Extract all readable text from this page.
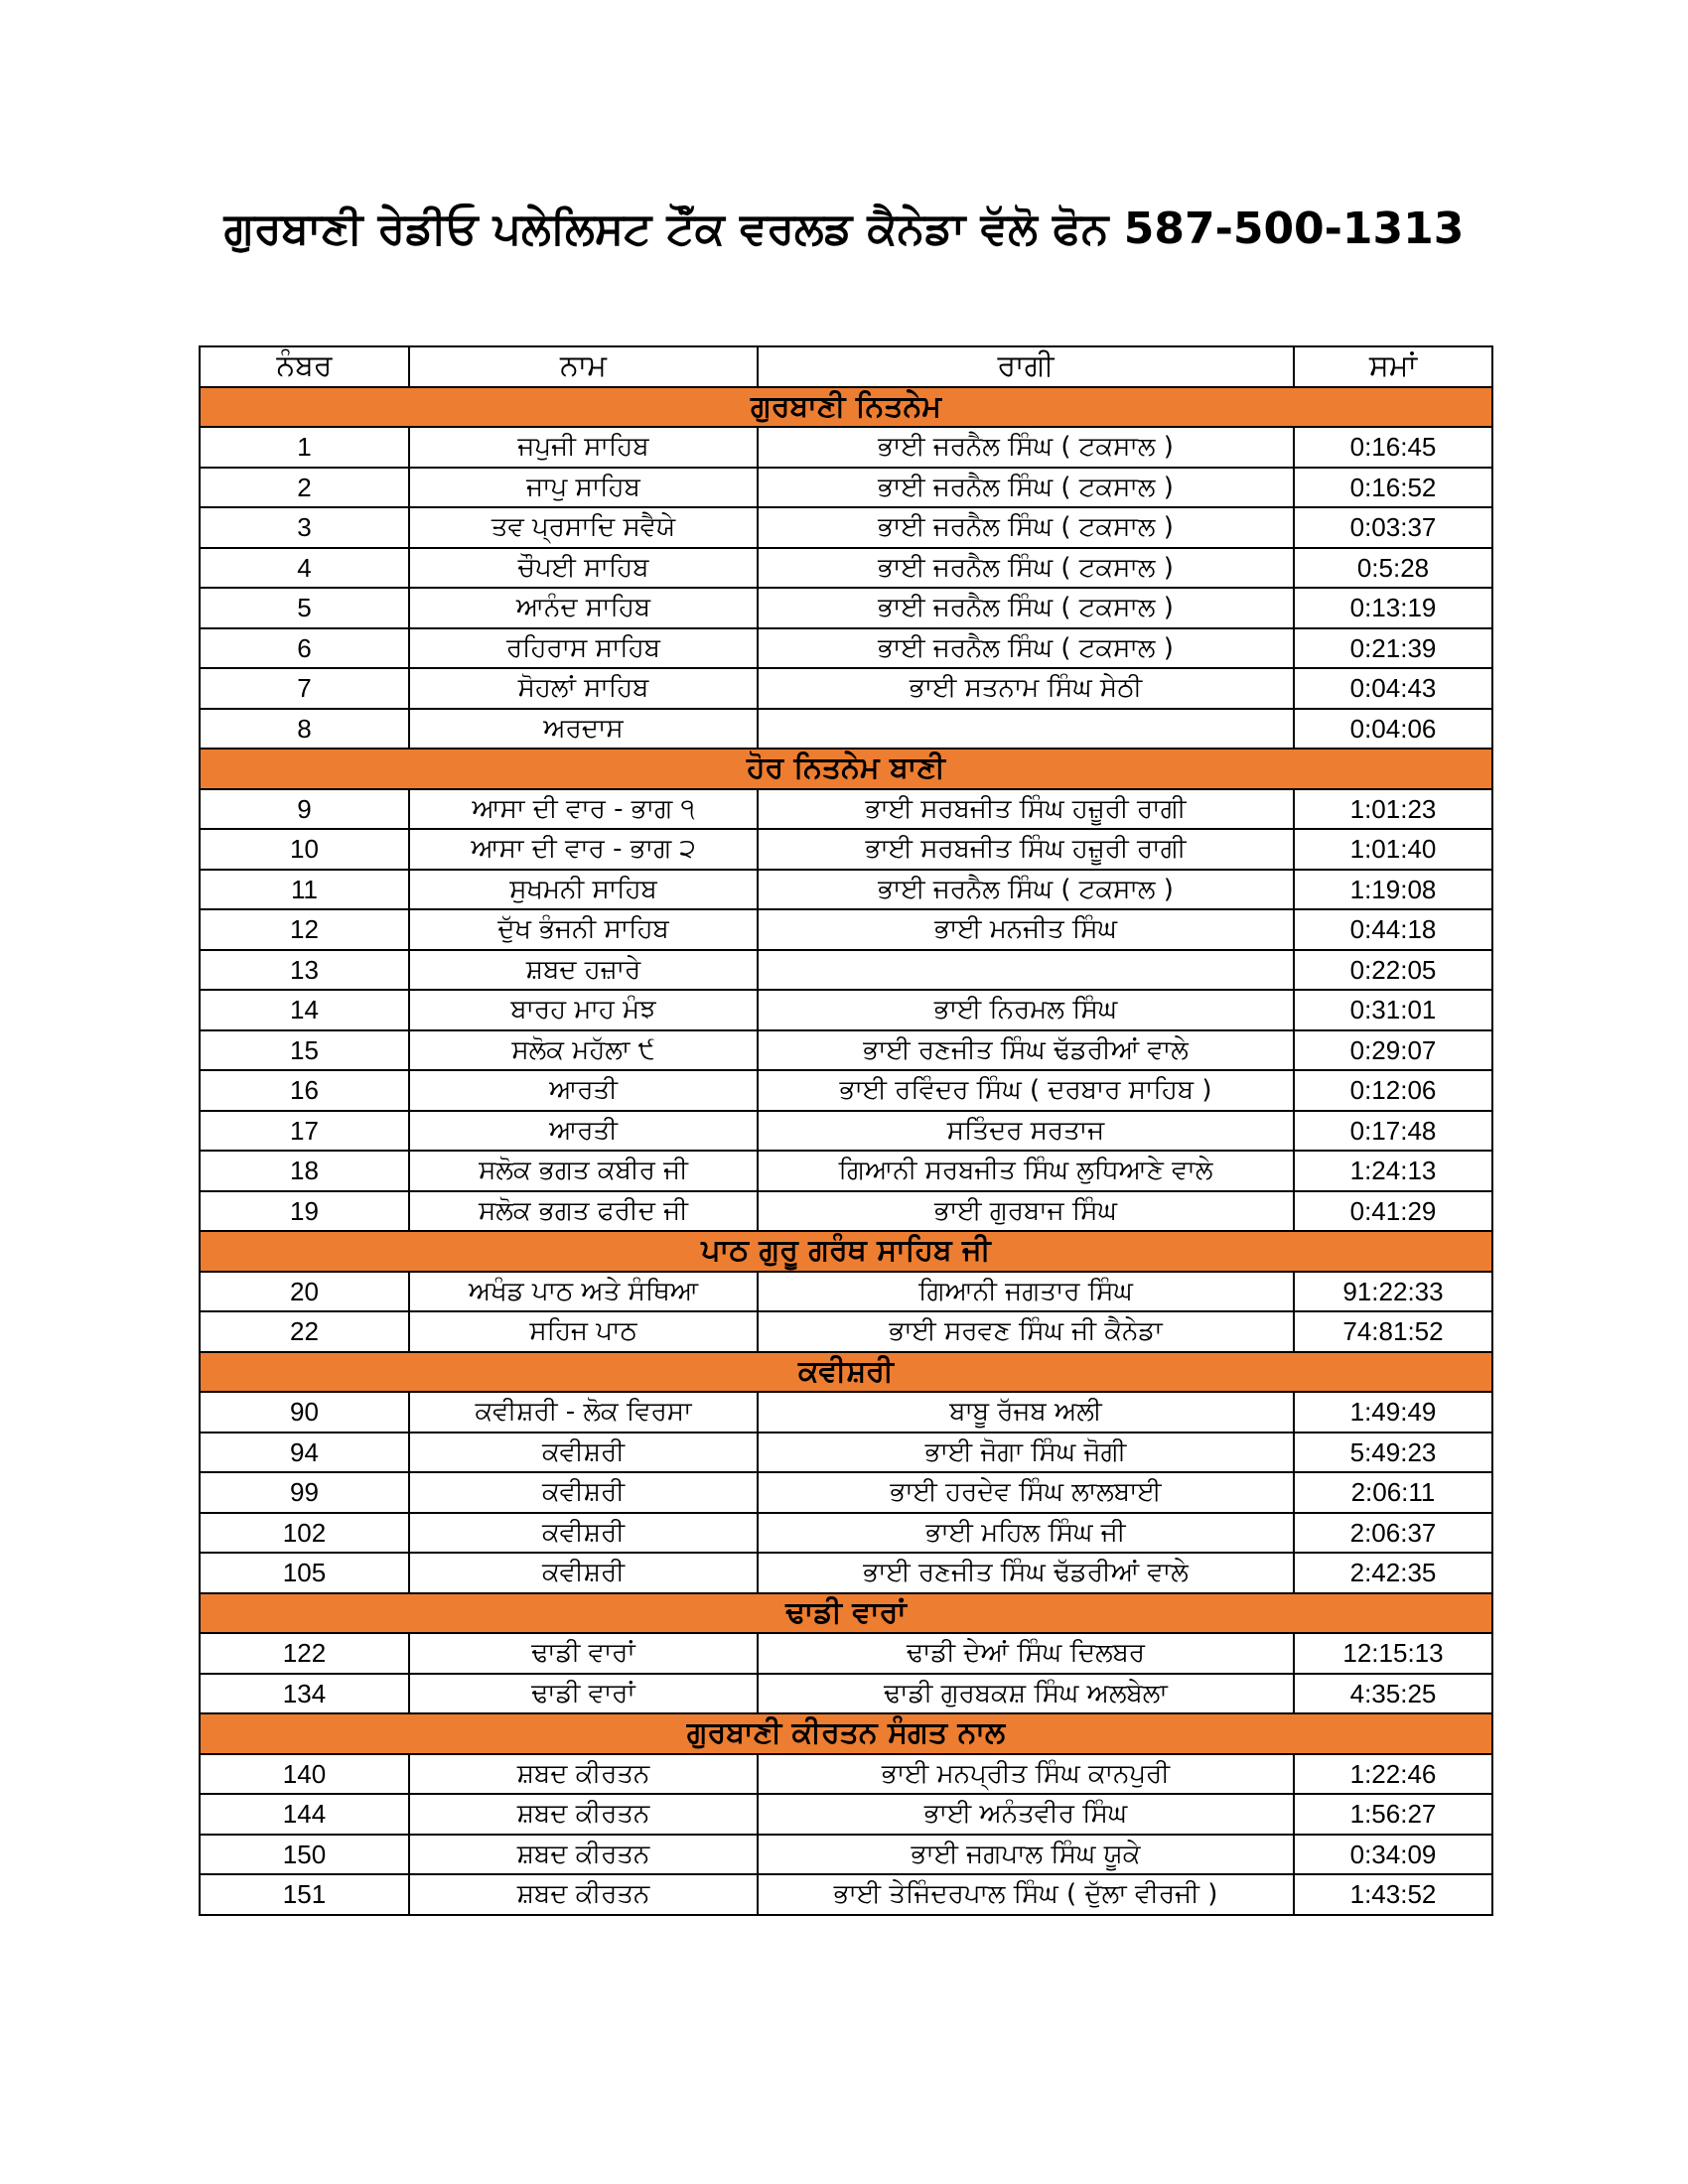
ਗੁਰਬਾਣੀ ਰੇਡੀਓ ਪਲੇਲਿਸਟ ਟੌੱਕ ਵਰਲਡ ਕੈਨੇਡਾ ਵੱਲੋ ਫੋਨ 587-500-1313
ਨੰਬਰ	ਨਾਮ	ਰਾਗੀ	ਸਮਾਂ
ਗੁਰਬਾਣੀ ਨਿਤਨੇਮ			
1	ਜਪੁਜੀ ਸਾਹਿਬ	ਭਾਈ ਜਰਨੈਲ ਸਿੰਘ ( ਟਕਸਾਲ )	0:16:45
2	ਜਾਪੁ ਸਾਹਿਬ	ਭਾਈ ਜਰਨੈਲ ਸਿੰਘ ( ਟਕਸਾਲ )	0:16:52
3	ਤਵ ਪ੍ਰਸਾਦਿ ਸਵੈਯੇ	ਭਾਈ ਜਰਨੈਲ ਸਿੰਘ ( ਟਕਸਾਲ )	0:03:37
4	ਚੌਪਈ ਸਾਹਿਬ	ਭਾਈ ਜਰਨੈਲ ਸਿੰਘ ( ਟਕਸਾਲ )	0:5:28
5	ਆਨੰਦ ਸਾਹਿਬ	ਭਾਈ ਜਰਨੈਲ ਸਿੰਘ ( ਟਕਸਾਲ )	0:13:19
6	ਰਹਿਰਾਸ ਸਾਹਿਬ	ਭਾਈ ਜਰਨੈਲ ਸਿੰਘ ( ਟਕਸਾਲ )	0:21:39
7	ਸੋਹਲਾਂ ਸਾਹਿਬ	ਭਾਈ ਸਤਨਾਮ ਸਿੰਘ ਸੇਠੀ	0:04:43
8	ਅਰਦਾਸ		0:04:06
ਹੋਰ ਨਿਤਨੇਮ ਬਾਣੀ			
9	ਆਸਾ ਦੀ ਵਾਰ - ਭਾਗ ੧	ਭਾਈ ਸਰਬਜੀਤ ਸਿੰਘ ਹਜ਼ੂਰੀ ਰਾਗੀ	1:01:23
10	ਆਸਾ ਦੀ ਵਾਰ - ਭਾਗ ੨	ਭਾਈ ਸਰਬਜੀਤ ਸਿੰਘ ਹਜ਼ੂਰੀ ਰਾਗੀ	1:01:40
11	ਸੁਖਮਨੀ ਸਾਹਿਬ	ਭਾਈ ਜਰਨੈਲ ਸਿੰਘ ( ਟਕਸਾਲ )	1:19:08
12	ਦੁੱਖ ਭੰਜਨੀ ਸਾਹਿਬ	ਭਾਈ ਮਨਜੀਤ ਸਿੰਘ	0:44:18
13	ਸ਼ਬਦ ਹਜ਼ਾਰੇ		0:22:05
14	ਬਾਰਹ ਮਾਹ ਮੰਝ	ਭਾਈ ਨਿਰਮਲ ਸਿੰਘ	0:31:01
15	ਸਲੋਕ ਮਹੱਲਾ ੯	ਭਾਈ ਰਣਜੀਤ ਸਿੰਘ ਢੱਡਰੀਆਂ ਵਾਲੇ	0:29:07
16	ਆਰਤੀ	ਭਾਈ ਰਵਿੰਦਰ ਸਿੰਘ ( ਦਰਬਾਰ ਸਾਹਿਬ )	0:12:06
17	ਆਰਤੀ	ਸਤਿੰਦਰ ਸਰਤਾਜ	0:17:48
18	ਸਲੋਕ ਭਗਤ ਕਬੀਰ ਜੀ	ਗਿਆਨੀ ਸਰਬਜੀਤ ਸਿੰਘ ਲੁਧਿਆਣੇ ਵਾਲੇ	1:24:13
19	ਸਲੋਕ ਭਗਤ ਫਰੀਦ ਜੀ	ਭਾਈ ਗੁਰਬਾਜ ਸਿੰਘ	0:41:29
ਪਾਠ ਗੁਰੂ ਗਰੰਥ ਸਾਹਿਬ ਜੀ			
20	ਅਖੰਡ ਪਾਠ ਅਤੇ ਸੰਥਿਆ	ਗਿਆਨੀ ਜਗਤਾਰ ਸਿੰਘ	91:22:33
22	ਸਹਿਜ ਪਾਠ	ਭਾਈ ਸਰਵਣ ਸਿੰਘ ਜੀ ਕੈਨੇਡਾ	74:81:52
ਕਵੀਸ਼ਰੀ			
90	ਕਵੀਸ਼ਰੀ - ਲੋਕ ਵਿਰਸਾ	ਬਾਬੂ ਰੱਜਬ ਅਲੀ	1:49:49
94	ਕਵੀਸ਼ਰੀ	ਭਾਈ ਜੋਗਾ ਸਿੰਘ ਜੋਗੀ	5:49:23
99	ਕਵੀਸ਼ਰੀ	ਭਾਈ ਹਰਦੇਵ ਸਿੰਘ ਲਾਲਬਾਈ	2:06:11
102	ਕਵੀਸ਼ਰੀ	ਭਾਈ ਮਹਿਲ ਸਿੰਘ ਜੀ	2:06:37
105	ਕਵੀਸ਼ਰੀ	ਭਾਈ ਰਣਜੀਤ ਸਿੰਘ ਢੱਡਰੀਆਂ ਵਾਲੇ	2:42:35
ਢਾਡੀ ਵਾਰਾਂ			
122	ਢਾਡੀ ਵਾਰਾਂ	ਢਾਡੀ ਦੇਆਂ ਸਿੰਘ ਦਿਲਬਰ	12:15:13
134	ਢਾਡੀ ਵਾਰਾਂ	ਢਾਡੀ ਗੁਰਬਕਸ਼ ਸਿੰਘ ਅਲਬੇਲਾ	4:35:25
ਗੁਰਬਾਣੀ ਕੀਰਤਨ ਸੰਗਤ ਨਾਲ			
140	ਸ਼ਬਦ ਕੀਰਤਨ	ਭਾਈ ਮਨਪ੍ਰੀਤ ਸਿੰਘ ਕਾਨਪੁਰੀ	1:22:46
144	ਸ਼ਬਦ ਕੀਰਤਨ	ਭਾਈ ਅਨੰਤਵੀਰ ਸਿੰਘ	1:56:27
150	ਸ਼ਬਦ ਕੀਰਤਨ	ਭਾਈ ਜਗਪਾਲ ਸਿੰਘ ਯੂਕੇ	0:34:09
151	ਸ਼ਬਦ ਕੀਰਤਨ	ਭਾਈ ਤੇਜਿੰਦਰਪਾਲ ਸਿੰਘ ( ਦੁੱਲਾ ਵੀਰਜੀ )	1:43:52
